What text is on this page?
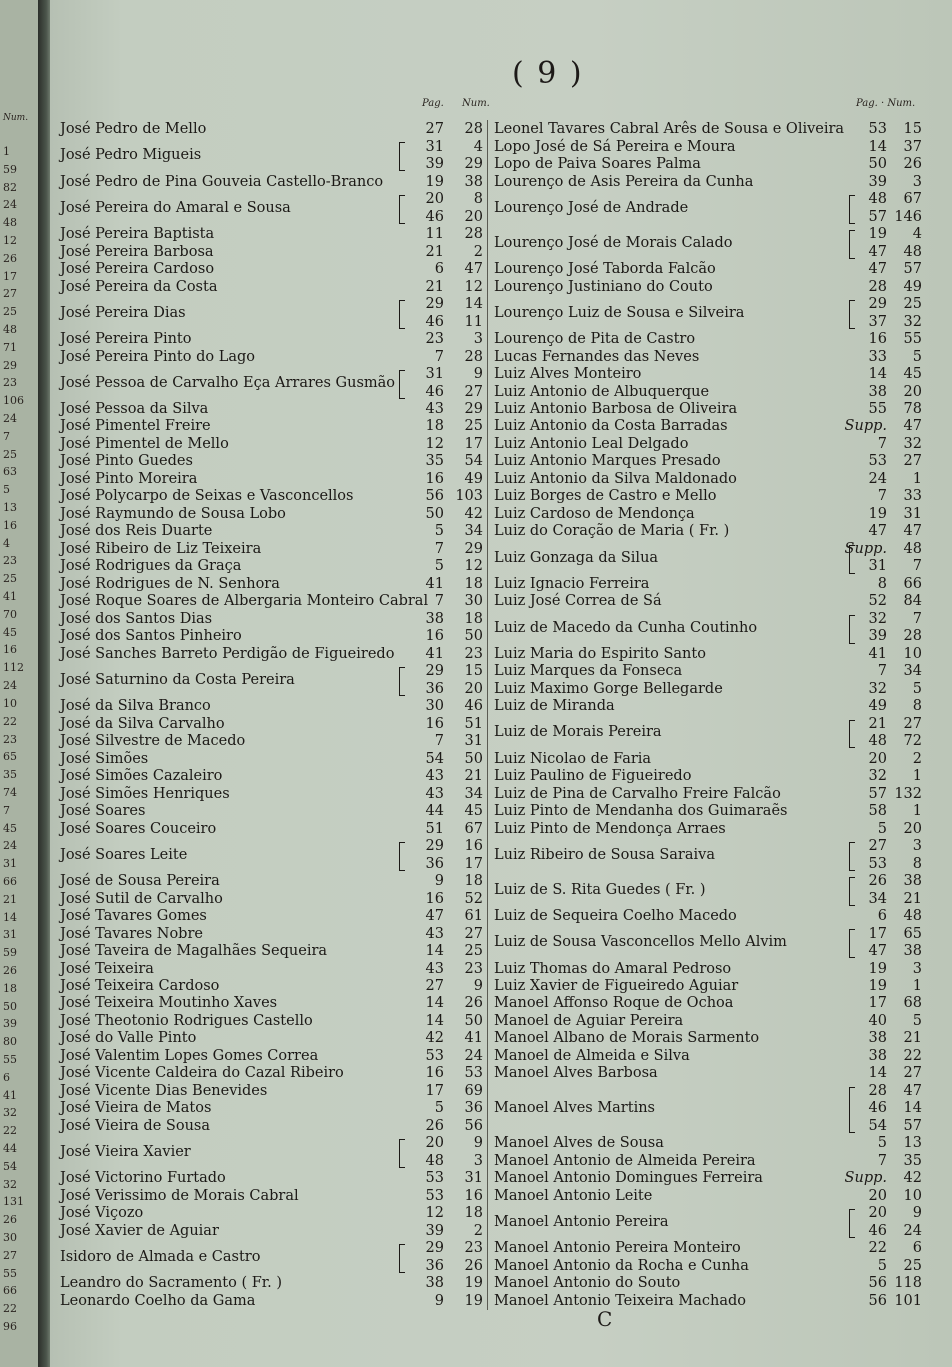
Num.
1
59
82
24
48
12
26
17
27
25
48
71
29
23
106
24
7
25
63
5
13
16
4
23
25
41
70
45
16
112
24
10
22
23
65
35
74
7
45
24
31
66
21
14
31
59
26
18
50
39
80
55
6
41
32
22
44
54
32
131
26
30
27
55
66
22
96
( 9 )
Pag. Num.	Pag. · Num.
José Pedro de Mello	27	28
José Pedro Migueis
31	4
39	29
José Pedro de Pina Gouveia Castello-Branco	19	38
José Pereira do Amaral e Sousa
20	8
46	20
José Pereira Baptista	11	28
José Pereira Barbosa	21	2
José Pereira Cardoso	6	47
José Pereira da Costa	21	12
José Pereira Dias
29	14
46	11
José Pereira Pinto	23	3
José Pereira Pinto do Lago	7	28
José Pessoa de Carvalho Eça Arrares Gusmão
31	9
46	27
José Pessoa da Silva	43	29
José Pimentel Freire	18	25
José Pimentel de Mello	12	17
José Pinto Guedes	35	54
José Pinto Moreira	16	49
José Polycarpo de Seixas e Vasconcellos	56 103
José Raymundo de Sousa Lobo	50	42
José dos Reis Duarte	5	34
José Ribeiro de Liz Teixeira	7	29
José Rodrigues da Graça	5	12
José Rodrigues de N. Senhora	41	18
José Roque Soares de Albergaria Monteiro Cabral 7	30
José dos Santos Dias	38	18
José dos Santos Pinheiro	16	50
José Sanches Barreto Perdigão de Figueiredo	41	23
José Saturnino da Costa Pereira
29	15
36	20
José da Silva Branco	30	46
José da Silva Carvalho	16	51
José Silvestre de Macedo	7	31
José Simões	54	50
José Simões Cazaleiro	43	21
José Simões Henriques	43	34
José Soares	44	45
José Soares Couceiro	51	67
José Soares Leite
29	16
36	17
José de Sousa Pereira	9	18
José Sutil de Carvalho	16	52
José Tavares Gomes	47	61
José Tavares Nobre	43	27
José Taveira de Magalhães Sequeira	14	25
José Teixeira	43	23
José Teixeira Cardoso	27	9
José Teixeira Moutinho Xaves	14	26
José Theotonio Rodrigues Castello	14	50
José do Valle Pinto	42	41
José Valentim Lopes Gomes Correa	53	24
José Vicente Caldeira do Cazal Ribeiro	16	53
José Vicente Dias Benevides	17	69
José Vieira de Matos	5	36
José Vieira de Sousa	26	56
José Vieira Xavier
20	9
48	3
José Victorino Furtado	53	31
José Verissimo de Morais Cabral	53	16
José Viçozo	12	18
José Xavier de Aguiar	39	2
Isidoro de Almada e Castro
29	23
36	26
Leandro do Sacramento ( Fr. )	38	19
Leonardo Coelho da Gama	9	19
Leonel Tavares Cabral Arês de Sousa e Oliveira	53	15
Lopo José de Sá Pereira e Moura	14	37
Lopo de Paiva Soares Palma	50	26
Lourenço de Asis Pereira da Cunha	39	3
Lourenço José de Andrade
48	67
57 146
Lourenço José de Morais Calado
19	4
47	48
Lourenço José Taborda Falcão	47	57
Lourenço Justiniano do Couto	28	49
Lourenço Luiz de Sousa e Silveira
29	25
37	32
Lourenço de Pita de Castro	16	55
Lucas Fernandes das Neves	33	5
Luiz Alves Monteiro	14	45
Luiz Antonio de Albuquerque	38	20
Luiz Antonio Barbosa de Oliveira	55	78
Luiz Antonio da Costa Barradas	Supp.	47
Luiz Antonio Leal Delgado	7	32
Luiz Antonio Marques Presado	53	27
Luiz Antonio da Silva Maldonado	24	1
Luiz Borges de Castro e Mello	7	33
Luiz Cardoso de Mendonça	19	31
Luiz do Coração de Maria ( Fr. )	47	47
Luiz Gonzaga da Silua
Supp.	48
31	7
Luiz Ignacio Ferreira	8	66
Luiz José Correa de Sá	52	84
Luiz de Macedo da Cunha Coutinho
32	7
39	28
Luiz Maria do Espirito Santo	41	10
Luiz Marques da Fonseca	7	34
Luiz Maximo Gorge Bellegarde	32	5
Luiz de Miranda	49	8
Luiz de Morais Pereira
21	27
48	72
Luiz Nicolao de Faria	20	2
Luiz Paulino de Figueiredo	32	1
Luiz de Pina de Carvalho Freire Falcão	57 132
Luiz Pinto de Mendanha dos Guimaraẽs	58	1
Luiz Pinto de Mendonça Arraes	5	20
Luiz Ribeiro de Sousa Saraiva
27	3
53	8
Luiz de S. Rita Guedes ( Fr. )
26	38
34	21
Luiz de Sequeira Coelho Macedo	6	48
Luiz de Sousa Vasconcellos Mello Alvim
17	65
47	38
Luiz Thomas do Amaral Pedroso	19	3
Luiz Xavier de Figueiredo Aguiar	19	1
Manoel Affonso Roque de Ochoa	17	68
Manoel de Aguiar Pereira	40	5
Manoel Albano de Morais Sarmento	38	21
Manoel de Almeida e Silva	38	22
Manoel Alves Barbosa	14	27
Manoel Alves Martins
28	47
46	14
54	57
Manoel Alves de Sousa	5	13
Manoel Antonio de Almeida Pereira	7	35
Manoel Antonio Domingues Ferreira	Supp.	42
Manoel Antonio Leite	20	10
Manoel Antonio Pereira
20	9
46	24
Manoel Antonio Pereira Monteiro	22	6
Manoel Antonio da Rocha e Cunha	5	25
Manoel Antonio do Souto	56 118
Manoel Antonio Teixeira Machado	56 101
C
